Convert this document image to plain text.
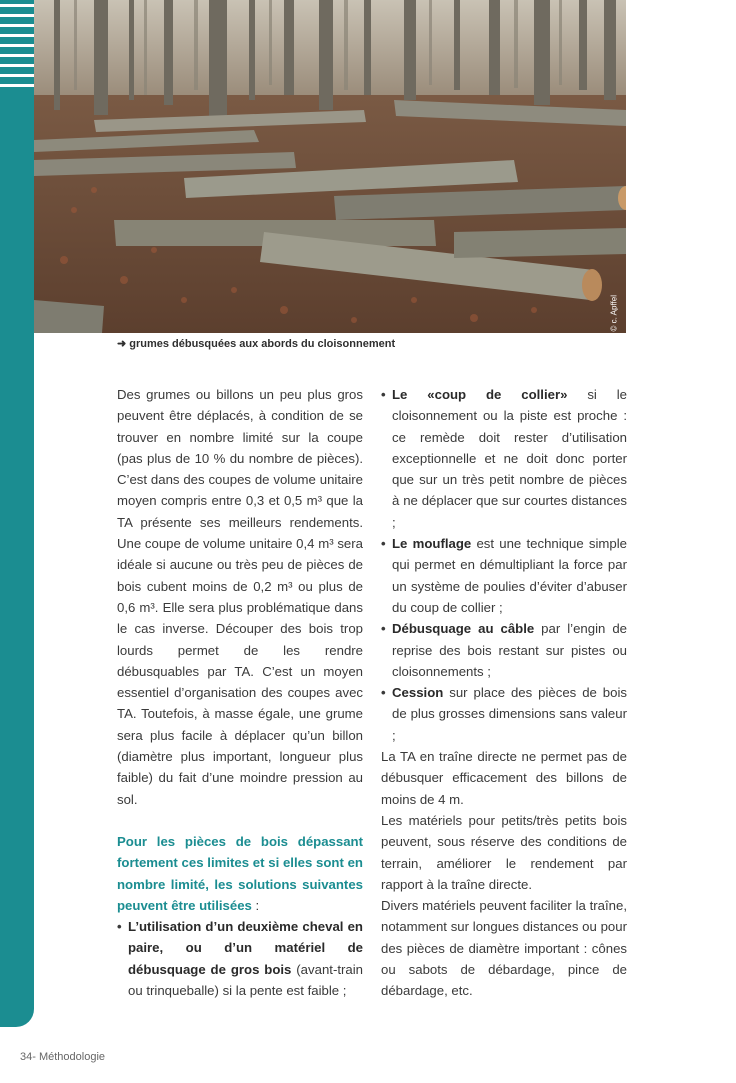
© c. Apffel
➜ grumes débusquées aux abords du cloisonnement

Des grumes ou billons un peu plus gros peuvent être déplacés, à condition de se trouver en nombre limité sur la coupe (pas plus de 10 % du nombre de pièces). C’est dans des coupes de volume unitaire moyen compris entre 0,3 et 0,5 m³ que la TA présente ses meilleurs rendements. Une coupe de volume unitaire 0,4 m³ sera idéale si aucune ou très peu de pièces de bois cubent moins de 0,2 m³ ou plus de 0,6 m³. Elle sera plus problématique dans le cas inverse. Découper des bois trop lourds permet de les rendre débusquables par TA. C’est un moyen essentiel d’organisation des coupes avec TA. Toutefois, à masse égale, une grume sera plus facile à déplacer qu’un billon (diamètre plus important, longueur plus faible) du fait d’une moindre pression au sol.

Pour les pièces de bois dépassant fortement ces limites et si elles sont en nombre limité, les solutions suivantes peuvent être utilisées :

• L’utilisation d’un deuxième cheval en paire, ou d’un matériel de débusquage de gros bois (avant-train ou trinqueballe) si la pente est faible ;
• Le «coup de collier» si le cloisonnement ou la piste est proche : ce remède doit rester d’utilisation exceptionnelle et ne doit donc porter que sur un très petit nombre de pièces à ne déplacer que sur courtes distances ;
• Le mouflage est une technique simple qui permet en démultipliant la force par un système de poulies d’éviter d’abuser du coup de collier ;
• Débusquage au câble par l’engin de reprise des bois restant sur pistes ou cloisonnements ;
• Cession sur place des pièces de bois de plus grosses dimensions sans valeur ;

La TA en traîne directe ne permet pas de débusquer efficacement des billons de moins de 4 m.

Les matériels pour petits/très petits bois peuvent, sous réserve des conditions de terrain, améliorer le rendement par rapport à la traîne directe.

Divers matériels peuvent faciliter la traîne, notamment sur longues distances ou pour des pièces de diamètre important : cônes ou sabots de débardage, pince de débardage, etc.

34- Méthodologie
